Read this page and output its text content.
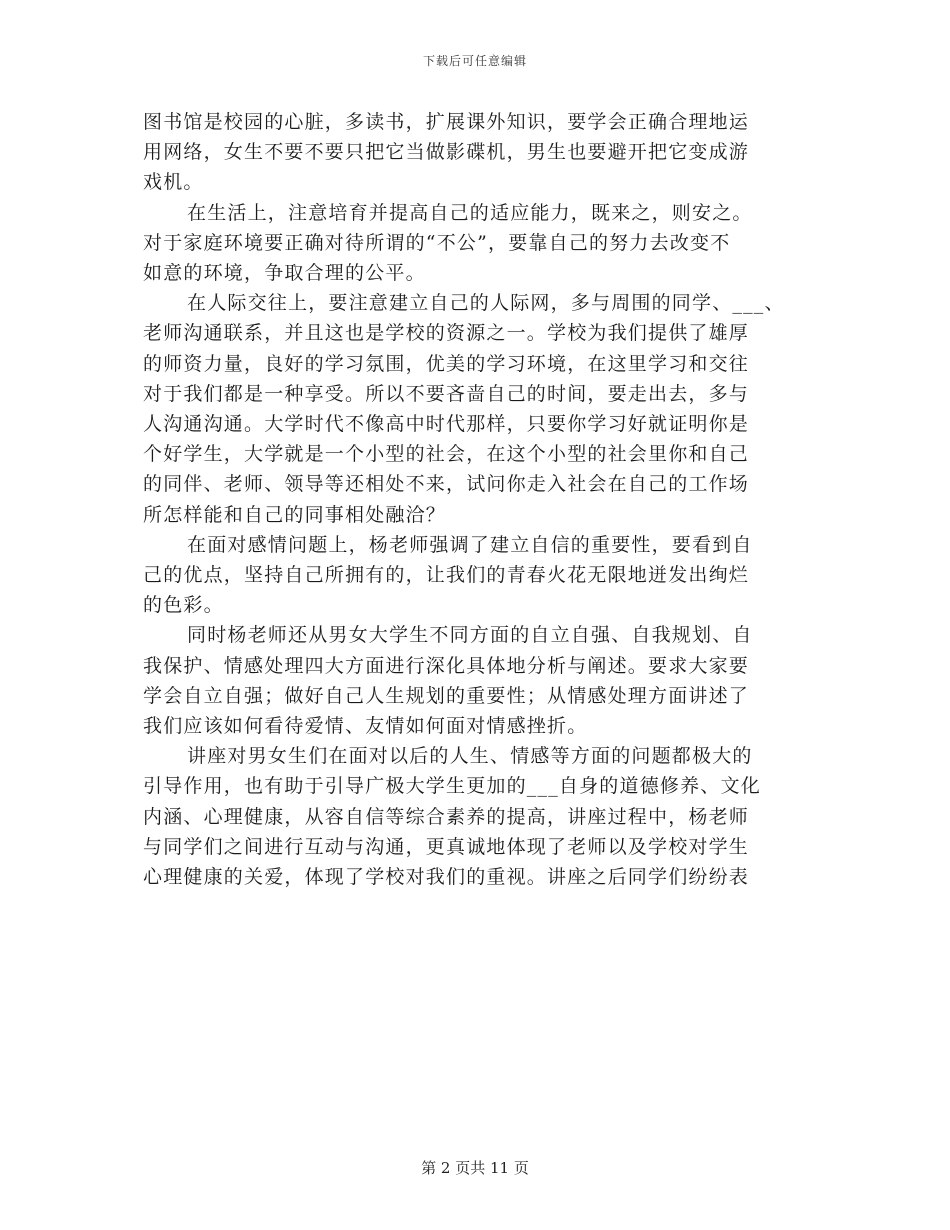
下载后可任意编辑

图书馆是校园的心脏，多读书，扩展课外知识，要学会正确合理地运
用网络，女生不要不要只把它当做影碟机，男生也要避开把它变成游
戏机。

在生活上，注意培育并提高自己的适应能力，既来之，则安之。
对于家庭环境要正确对待所谓的“不公”，要靠自己的努力去改变不
如意的环境，争取合理的公平。

在人际交往上，要注意建立自己的人际网，多与周围的同学、___、
老师沟通联系，并且这也是学校的资源之一。学校为我们提供了雄厚
的师资力量，良好的学习氛围，优美的学习环境，在这里学习和交往
对于我们都是一种享受。所以不要吝啬自己的时间，要走出去，多与
人沟通沟通。大学时代不像高中时代那样，只要你学习好就证明你是
个好学生，大学就是一个小型的社会，在这个小型的社会里你和自己
的同伴、老师、领导等还相处不来，试问你走入社会在自己的工作场
所怎样能和自己的同事相处融洽？

在面对感情问题上，杨老师强调了建立自信的重要性，要看到自
己的优点，坚持自己所拥有的，让我们的青春火花无限地迸发出绚烂
的色彩。

同时杨老师还从男女大学生不同方面的自立自强、自我规划、自
我保护、情感处理四大方面进行深化具体地分析与阐述。要求大家要
学会自立自强；做好自己人生规划的重要性；从情感处理方面讲述了
我们应该如何看待爱情、友情如何面对情感挫折。

讲座对男女生们在面对以后的人生、情感等方面的问题都极大的
引导作用，也有助于引导广极大学生更加的___自身的道德修养、文化
内涵、心理健康，从容自信等综合素养的提高，讲座过程中，杨老师
与同学们之间进行互动与沟通，更真诚地体现了老师以及学校对学生
心理健康的关爱，体现了学校对我们的重视。讲座之后同学们纷纷表

第 2 页共 11 页
